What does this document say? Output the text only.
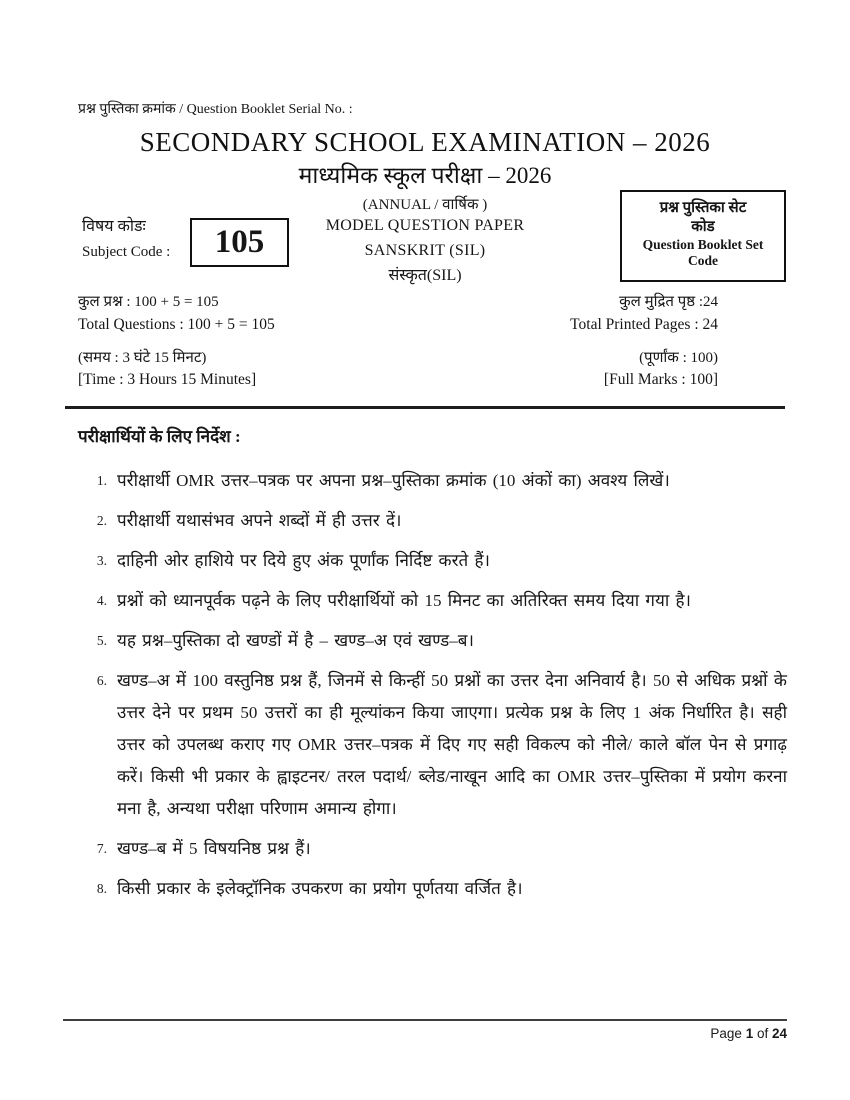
प्रश्न पुस्तिका क्रमांक / Question Booklet Serial No. :
SECONDARY SCHOOL EXAMINATION – 2026
माध्यमिक स्कूल परीक्षा – 2026
(ANNUAL / वार्षिक )
MODEL QUESTION PAPER
SANSKRIT (SIL)
संस्कृत(SIL)
विषय कोडः
Subject Code : 105
प्रश्न पुस्तिका सेट
कोड
Question Booklet Set
Code
कुल प्रश्न : 100 + 5 = 105	कुल मुद्रित पृष्ठ :24
Total Questions : 100 + 5 = 105	Total Printed Pages : 24
(समय : 3 घंटे 15 मिनट)	(पूर्णांक : 100)
[Time : 3 Hours 15 Minutes]	[Full Marks : 100]
परीक्षार्थियों के लिए निर्देश :
1. परीक्षार्थी OMR उत्तर–पत्रक पर अपना प्रश्न–पुस्तिका क्रमांक (10 अंकों का) अवश्य लिखें।
2. परीक्षार्थी यथासंभव अपने शब्दों में ही उत्तर दें।
3. दाहिनी ओर हाशिये पर दिये हुए अंक पूर्णांक निर्दिष्ट करते हैं।
4. प्रश्नों को ध्यानपूर्वक पढ़ने के लिए परीक्षार्थियों को 15 मिनट का अतिरिक्त समय दिया गया है।
5. यह प्रश्न–पुस्तिका दो खण्डों में है – खण्ड–अ एवं खण्ड–ब।
6. खण्ड–अ में 100 वस्तुनिष्ठ प्रश्न हैं, जिनमें से किन्हीं 50 प्रश्नों का उत्तर देना अनिवार्य है। 50 से अधिक प्रश्नों के उत्तर देने पर प्रथम 50 उत्तरों का ही मूल्यांकन किया जाएगा। प्रत्येक प्रश्न के लिए 1 अंक निर्धारित है। सही उत्तर को उपलब्ध कराए गए OMR उत्तर–पत्रक में दिए गए सही विकल्प को नीले/ काले बॉल पेन से प्रगाढ़ करें। किसी भी प्रकार के ह्वाइटनर/ तरल पदार्थ/ ब्लेड/नाखून आदि का OMR उत्तर–पुस्तिका में प्रयोग करना मना है, अन्यथा परीक्षा परिणाम अमान्य होगा।
7. खण्ड–ब में 5 विषयनिष्ठ प्रश्न हैं।
8. किसी प्रकार के इलेक्ट्रॉनिक उपकरण का प्रयोग पूर्णतया वर्जित है।
Page 1 of 24
